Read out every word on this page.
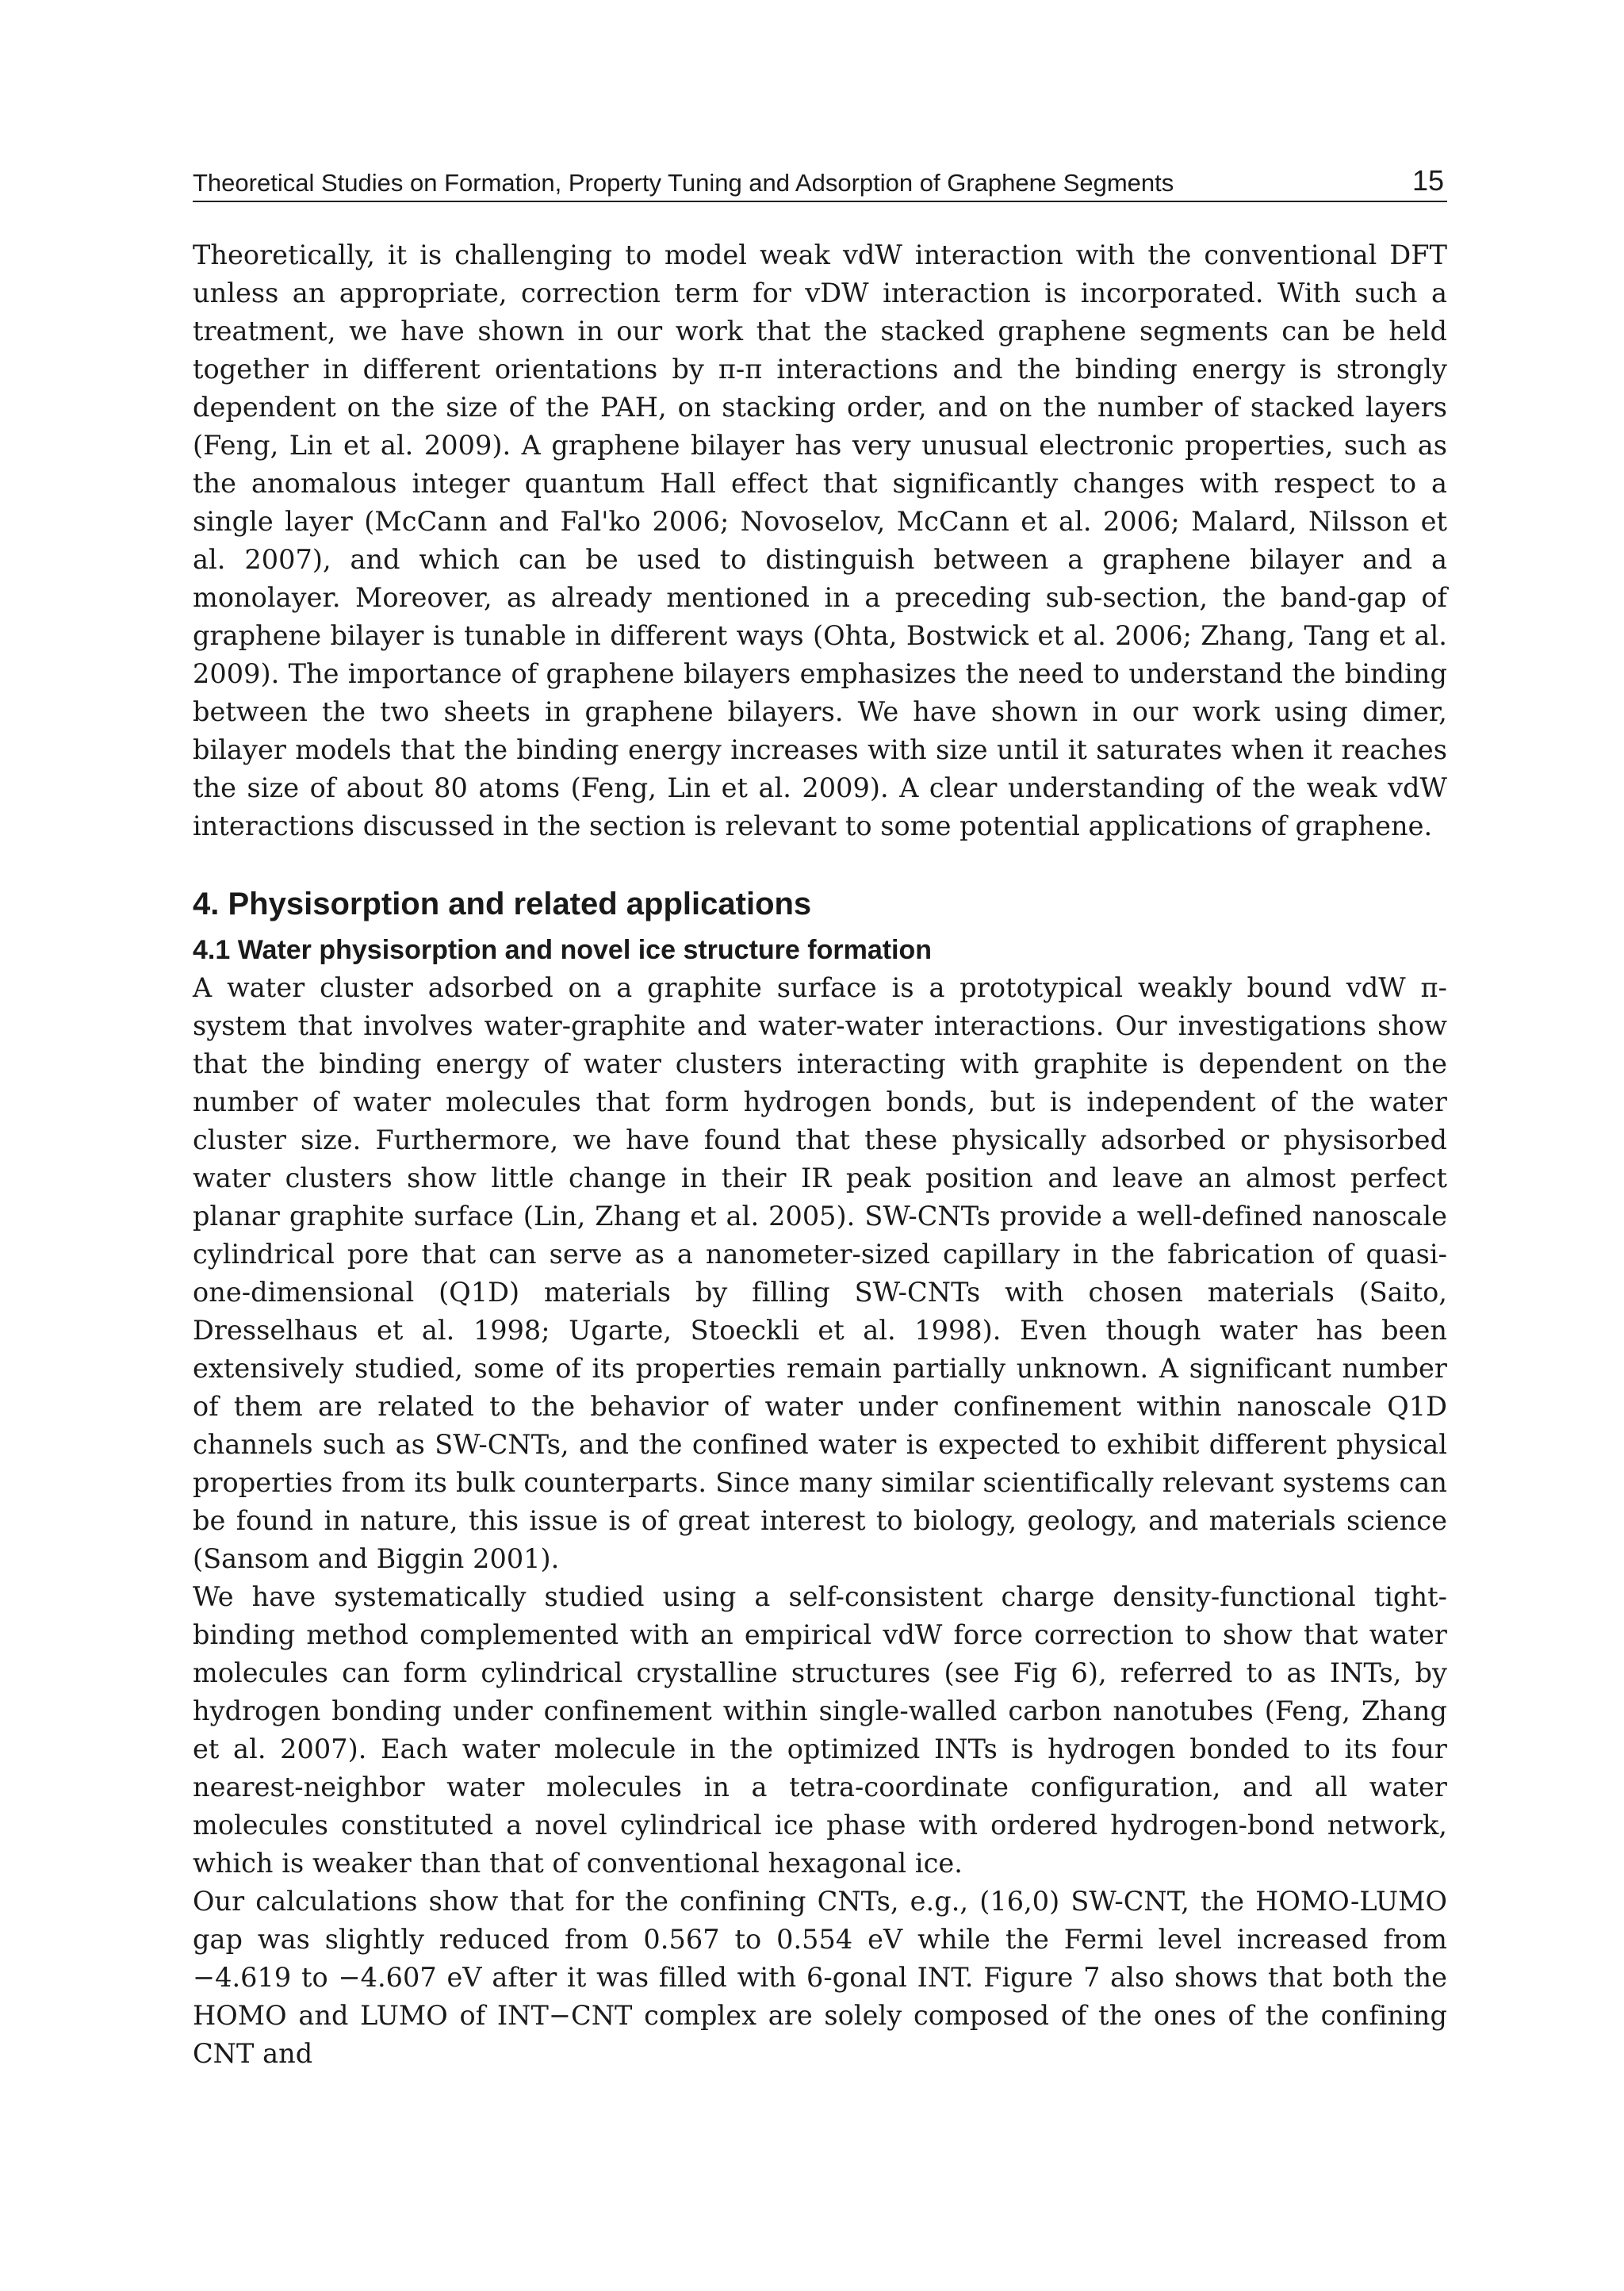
Theoretical Studies on Formation, Property Tuning and Adsorption of Graphene Segments	15

Theoretically, it is challenging to model weak vdW interaction with the conventional DFT unless an appropriate, correction term for vDW interaction is incorporated. With such a treatment, we have shown in our work that the stacked graphene segments can be held together in different orientations by π-π interactions and the binding energy is strongly dependent on the size of the PAH, on stacking order, and on the number of stacked layers (Feng, Lin et al. 2009). A graphene bilayer has very unusual electronic properties, such as the anomalous integer quantum Hall effect that significantly changes with respect to a single layer (McCann and Fal'ko 2006; Novoselov, McCann et al. 2006; Malard, Nilsson et al. 2007), and which can be used to distinguish between a graphene bilayer and a monolayer. Moreover, as already mentioned in a preceding sub-section, the band-gap of graphene bilayer is tunable in different ways (Ohta, Bostwick et al. 2006; Zhang, Tang et al. 2009). The importance of graphene bilayers emphasizes the need to understand the binding between the two sheets in graphene bilayers. We have shown in our work using dimer, bilayer models that the binding energy increases with size until it saturates when it reaches the size of about 80 atoms (Feng, Lin et al. 2009). A clear understanding of the weak vdW interactions discussed in the section is relevant to some potential applications of graphene.

4. Physisorption and related applications
4.1 Water physisorption and novel ice structure formation

A water cluster adsorbed on a graphite surface is a prototypical weakly bound vdW π-system that involves water-graphite and water-water interactions. Our investigations show that the binding energy of water clusters interacting with graphite is dependent on the number of water molecules that form hydrogen bonds, but is independent of the water cluster size. Furthermore, we have found that these physically adsorbed or physisorbed water clusters show little change in their IR peak position and leave an almost perfect planar graphite surface (Lin, Zhang et al. 2005). SW-CNTs provide a well-defined nanoscale cylindrical pore that can serve as a nanometer-sized capillary in the fabrication of quasi-one-dimensional (Q1D) materials by filling SW-CNTs with chosen materials (Saito, Dresselhaus et al. 1998; Ugarte, Stoeckli et al. 1998). Even though water has been extensively studied, some of its properties remain partially unknown. A significant number of them are related to the behavior of water under confinement within nanoscale Q1D channels such as SW-CNTs, and the confined water is expected to exhibit different physical properties from its bulk counterparts. Since many similar scientifically relevant systems can be found in nature, this issue is of great interest to biology, geology, and materials science (Sansom and Biggin 2001).

We have systematically studied using a self-consistent charge density-functional tight-binding method complemented with an empirical vdW force correction to show that water molecules can form cylindrical crystalline structures (see Fig 6), referred to as INTs, by hydrogen bonding under confinement within single-walled carbon nanotubes (Feng, Zhang et al. 2007). Each water molecule in the optimized INTs is hydrogen bonded to its four nearest-neighbor water molecules in a tetra-coordinate configuration, and all water molecules constituted a novel cylindrical ice phase with ordered hydrogen-bond network, which is weaker than that of conventional hexagonal ice.

Our calculations show that for the confining CNTs, e.g., (16,0) SW-CNT, the HOMO-LUMO gap was slightly reduced from 0.567 to 0.554 eV while the Fermi level increased from −4.619 to −4.607 eV after it was filled with 6-gonal INT. Figure 7 also shows that both the HOMO and LUMO of INT−CNT complex are solely composed of the ones of the confining CNT and
